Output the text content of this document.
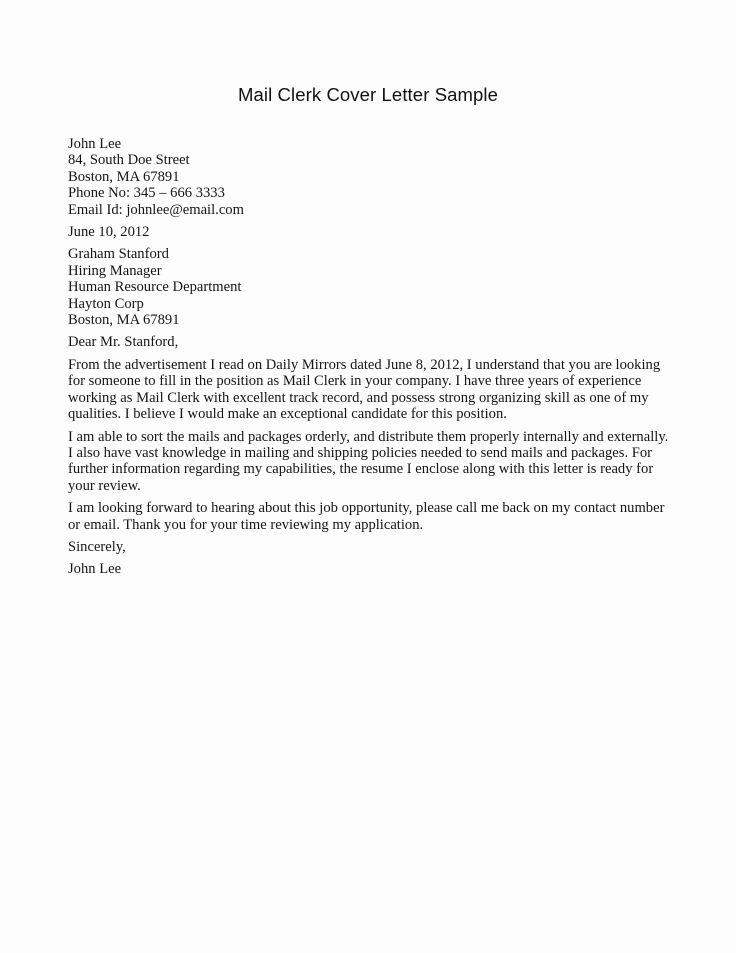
Mail Clerk Cover Letter Sample
John Lee
84, South Doe Street
Boston, MA 67891
Phone No: 345 – 666 3333
Email Id: johnlee@email.com
June 10, 2012
Graham Stanford
Hiring Manager
Human Resource Department
Hayton Corp
Boston, MA 67891
Dear Mr. Stanford,
From the advertisement I read on Daily Mirrors dated June 8, 2012, I understand that you are looking
for someone to fill in the position as Mail Clerk in your company. I have three years of experience
working as Mail Clerk with excellent track record, and possess strong organizing skill as one of my
qualities. I believe I would make an exceptional candidate for this position.
I am able to sort the mails and packages orderly, and distribute them properly internally and externally.
I also have vast knowledge in mailing and shipping policies needed to send mails and packages. For
further information regarding my capabilities, the resume I enclose along with this letter is ready for
your review.
I am looking forward to hearing about this job opportunity, please call me back on my contact number
or email. Thank you for your time reviewing my application.
Sincerely,
John Lee
